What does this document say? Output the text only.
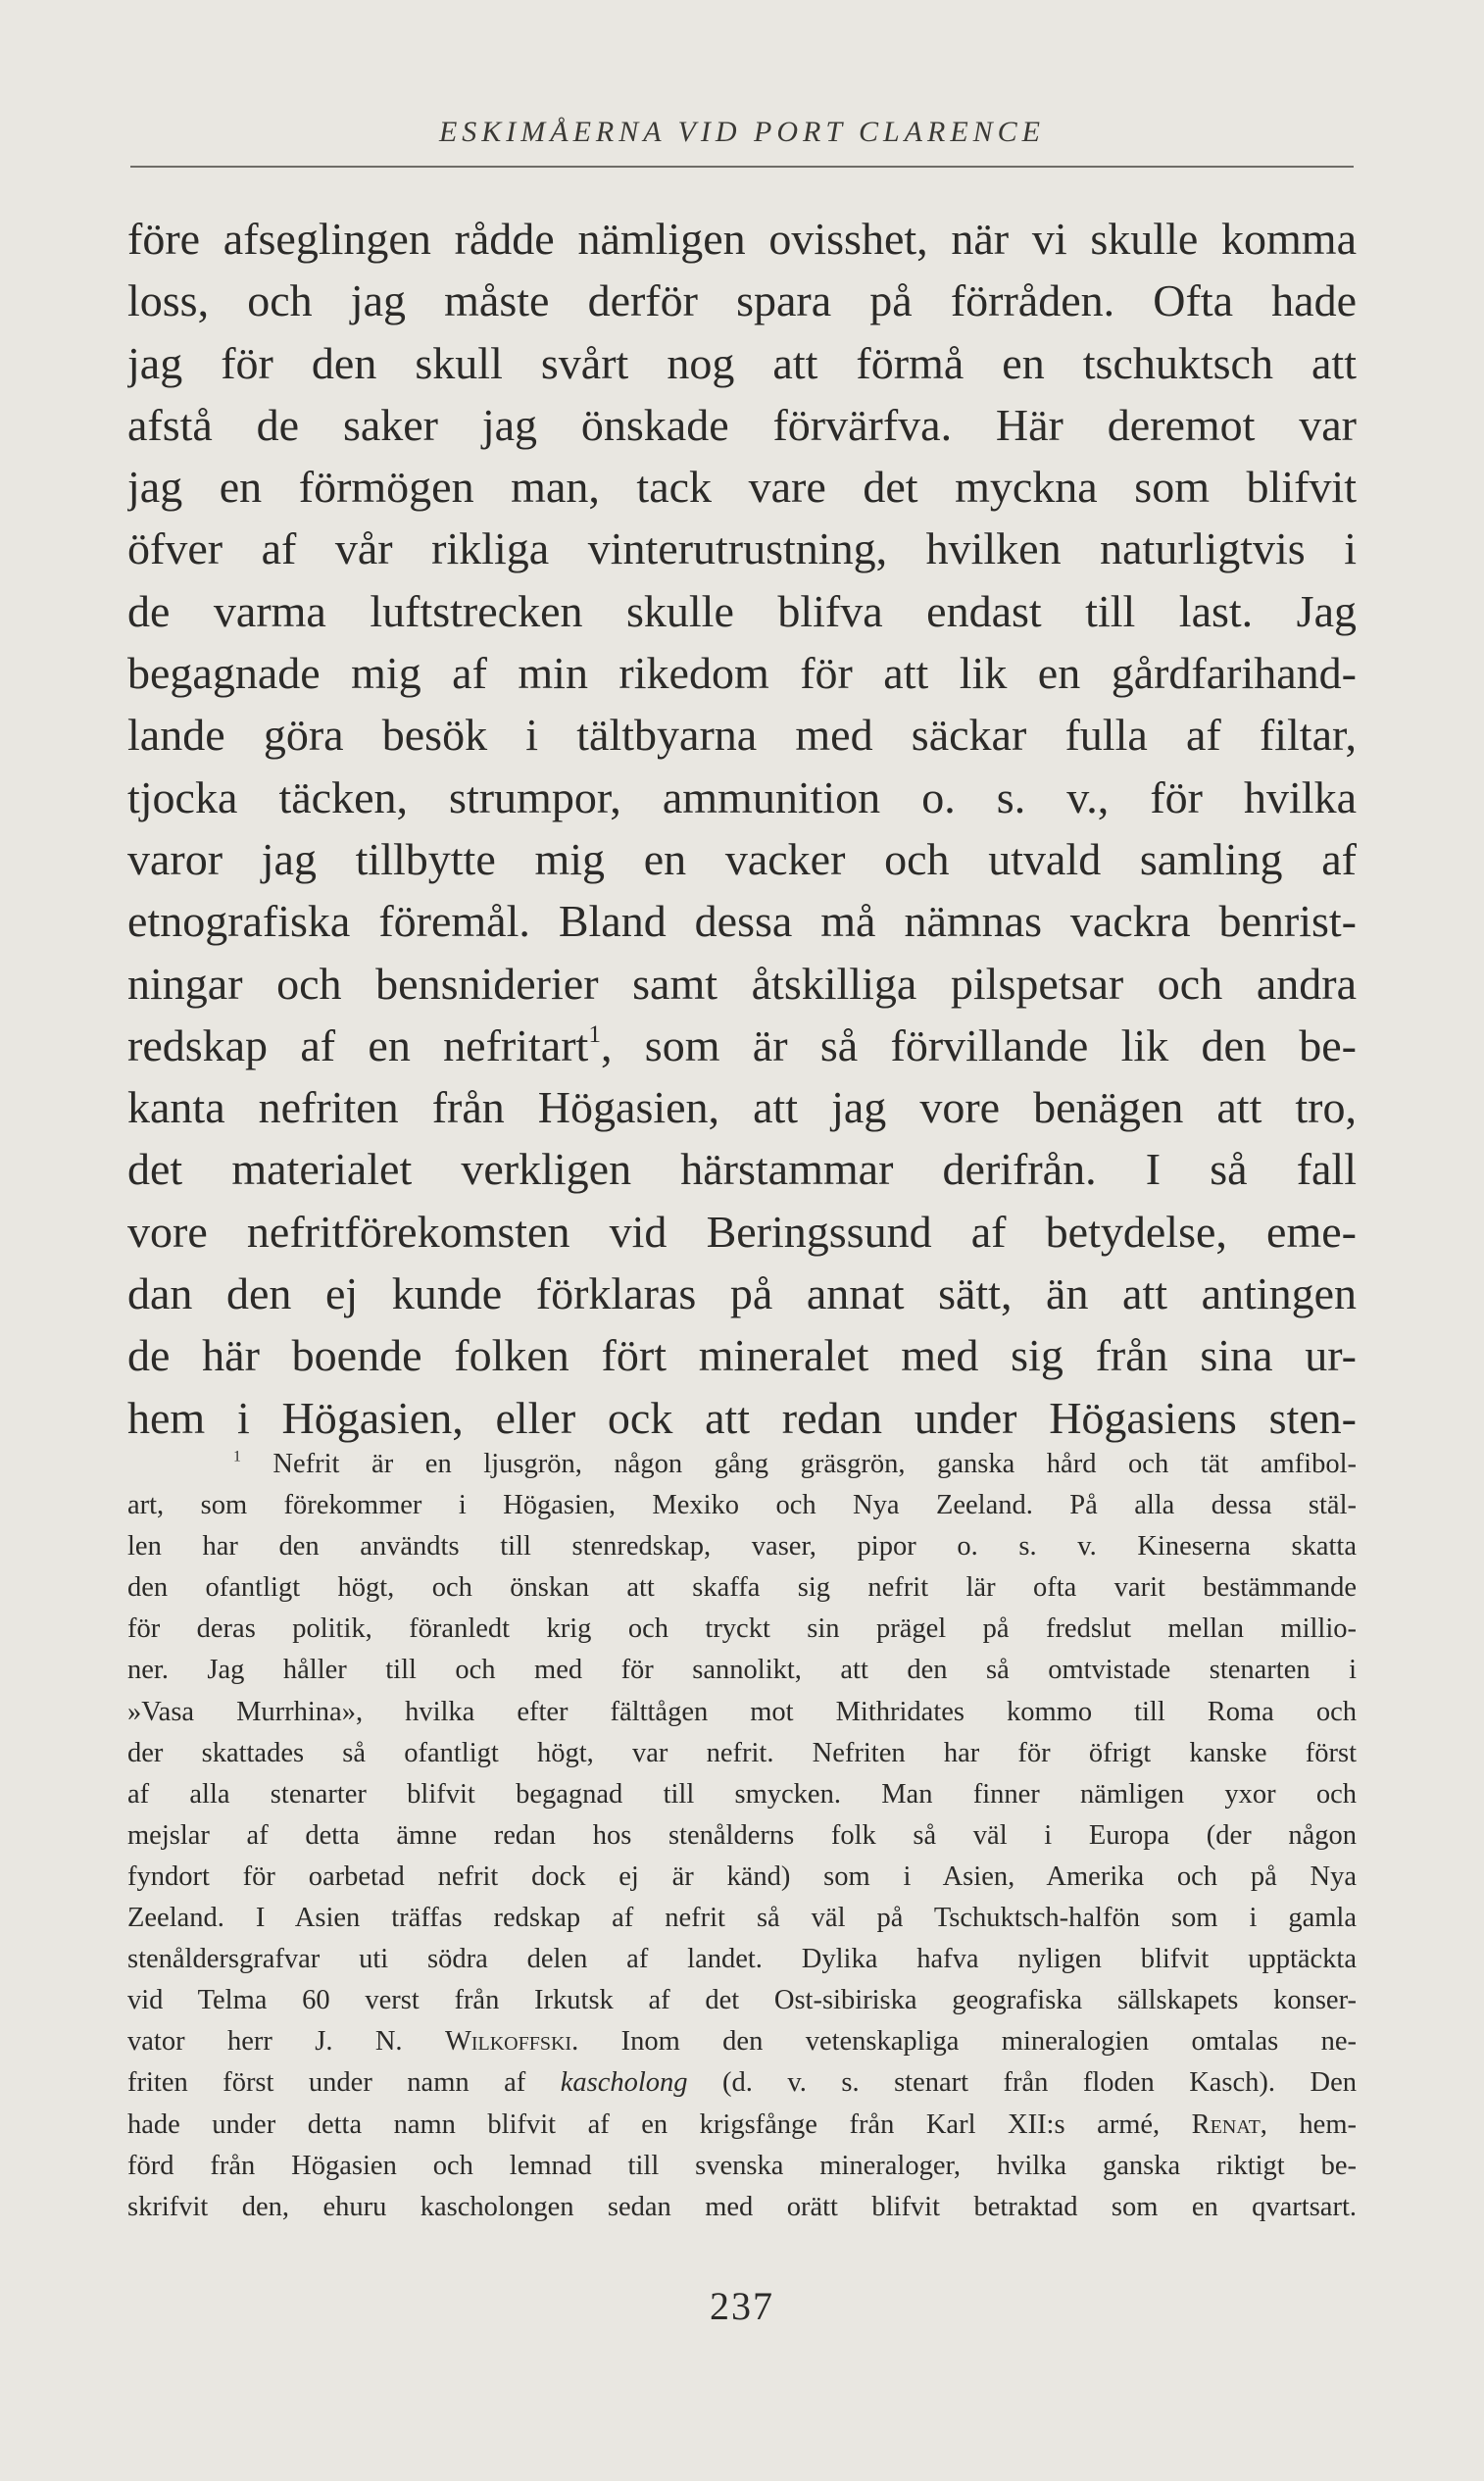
ESKIMÅERNA VID PORT CLARENCE
före afseglingen rådde nämligen ovisshet, när vi skulle komma
loss, och jag måste derför spara på förråden. Ofta hade
jag för den skull svårt nog att förmå en tschuktsch att
afstå de saker jag önskade förvärfva. Här deremot var
jag en förmögen man, tack vare det myckna som blifvit
öfver af vår rikliga vinterutrustning, hvilken naturligtvis i
de varma luftstrecken skulle blifva endast till last. Jag
begagnade mig af min rikedom för att lik en gårdfarihand-
lande göra besök i tältbyarna med säckar fulla af filtar,
tjocka täcken, strumpor, ammunition o. s. v., för hvilka
varor jag tillbytte mig en vacker och utvald samling af
etnografiska föremål. Bland dessa må nämnas vackra benrist-
ningar och bensniderier samt åtskilliga pilspetsar och andra
redskap af en nefritart$^1$, som är så förvillande lik den be-
kanta nefriten från Högasien, att jag vore benägen att tro,
det materialet verkligen härstammar derifrån. I så fall
vore nefritförekomsten vid Beringssund af betydelse, eme-
dan den ej kunde förklaras på annat sätt, än att antingen
de här boende folken fört mineralet med sig från sina ur-
hem i Högasien, eller ock att redan under Högasiens sten-
$^1$ Nefrit är en ljusgrön, någon gång gräsgrön, ganska hård och tät amfibol-
art, som förekommer i Högasien, Mexiko och Nya Zeeland. På alla dessa stäl-
len har den användts till stenredskap, vaser, pipor o. s. v. Kineserna skatta
den ofantligt högt, och önskan att skaffa sig nefrit lär ofta varit bestämmande
för deras politik, föranledt krig och tryckt sin prägel på fredslut mellan millio-
ner. Jag håller till och med för sannolikt, att den så omtvistade stenarten i
»Vasa Murrhina», hvilka efter fälttågen mot Mithridates kommo till Roma och
der skattades så ofantligt högt, var nefrit. Nefriten har för öfrigt kanske först
af alla stenarter blifvit begagnad till smycken. Man finner nämligen yxor och
mejslar af detta ämne redan hos stenålderns folk så väl i Europa (der någon
fyndort för oarbetad nefrit dock ej är känd) som i Asien, Amerika och på Nya
Zeeland. I Asien träffas redskap af nefrit så väl på Tschuktsch-halfön som i gamla
stenåldersgrafvar uti södra delen af landet. Dylika hafva nyligen blifvit upptäckta
vid Telma 60 verst från Irkutsk af det Ost-sibiriska geografiska sällskapets konser-
vator herr J. N. Wilkoffski. Inom den vetenskapliga mineralogien omtalas ne-
friten först under namn af kascholong (d. v. s. stenart från floden Kasch). Den
hade under detta namn blifvit af en krigsfånge från Karl XII:s armé, Renat, hem-
förd från Högasien och lemnad till svenska mineraloger, hvilka ganska riktigt be-
skrifvit den, ehuru kascholongen sedan med orätt blifvit betraktad som en qvartsart.
237
